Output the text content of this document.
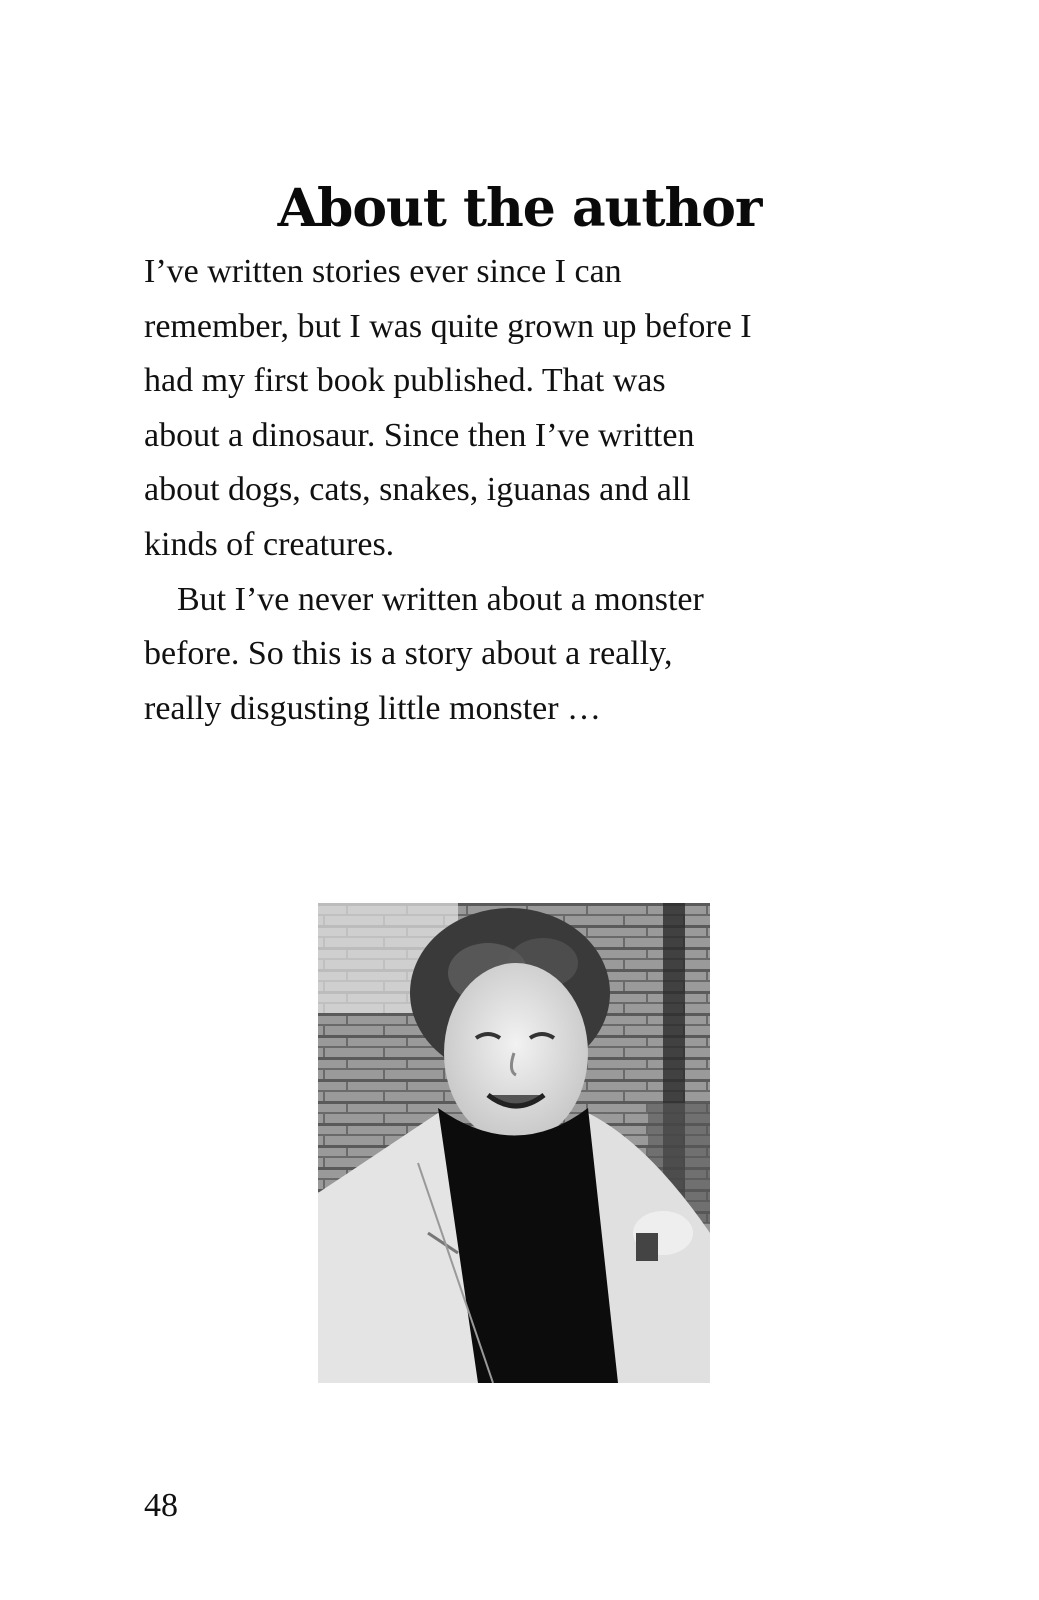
About the author

I’ve written stories ever since I can
remember, but I was quite grown up before I
had my first book published. That was
about a dinosaur. Since then I’ve written
about dogs, cats, snakes, iguanas and all
kinds of creatures.

But I’ve never written about a monster
before. So this is a story about a really,
really disgusting little monster …

48
